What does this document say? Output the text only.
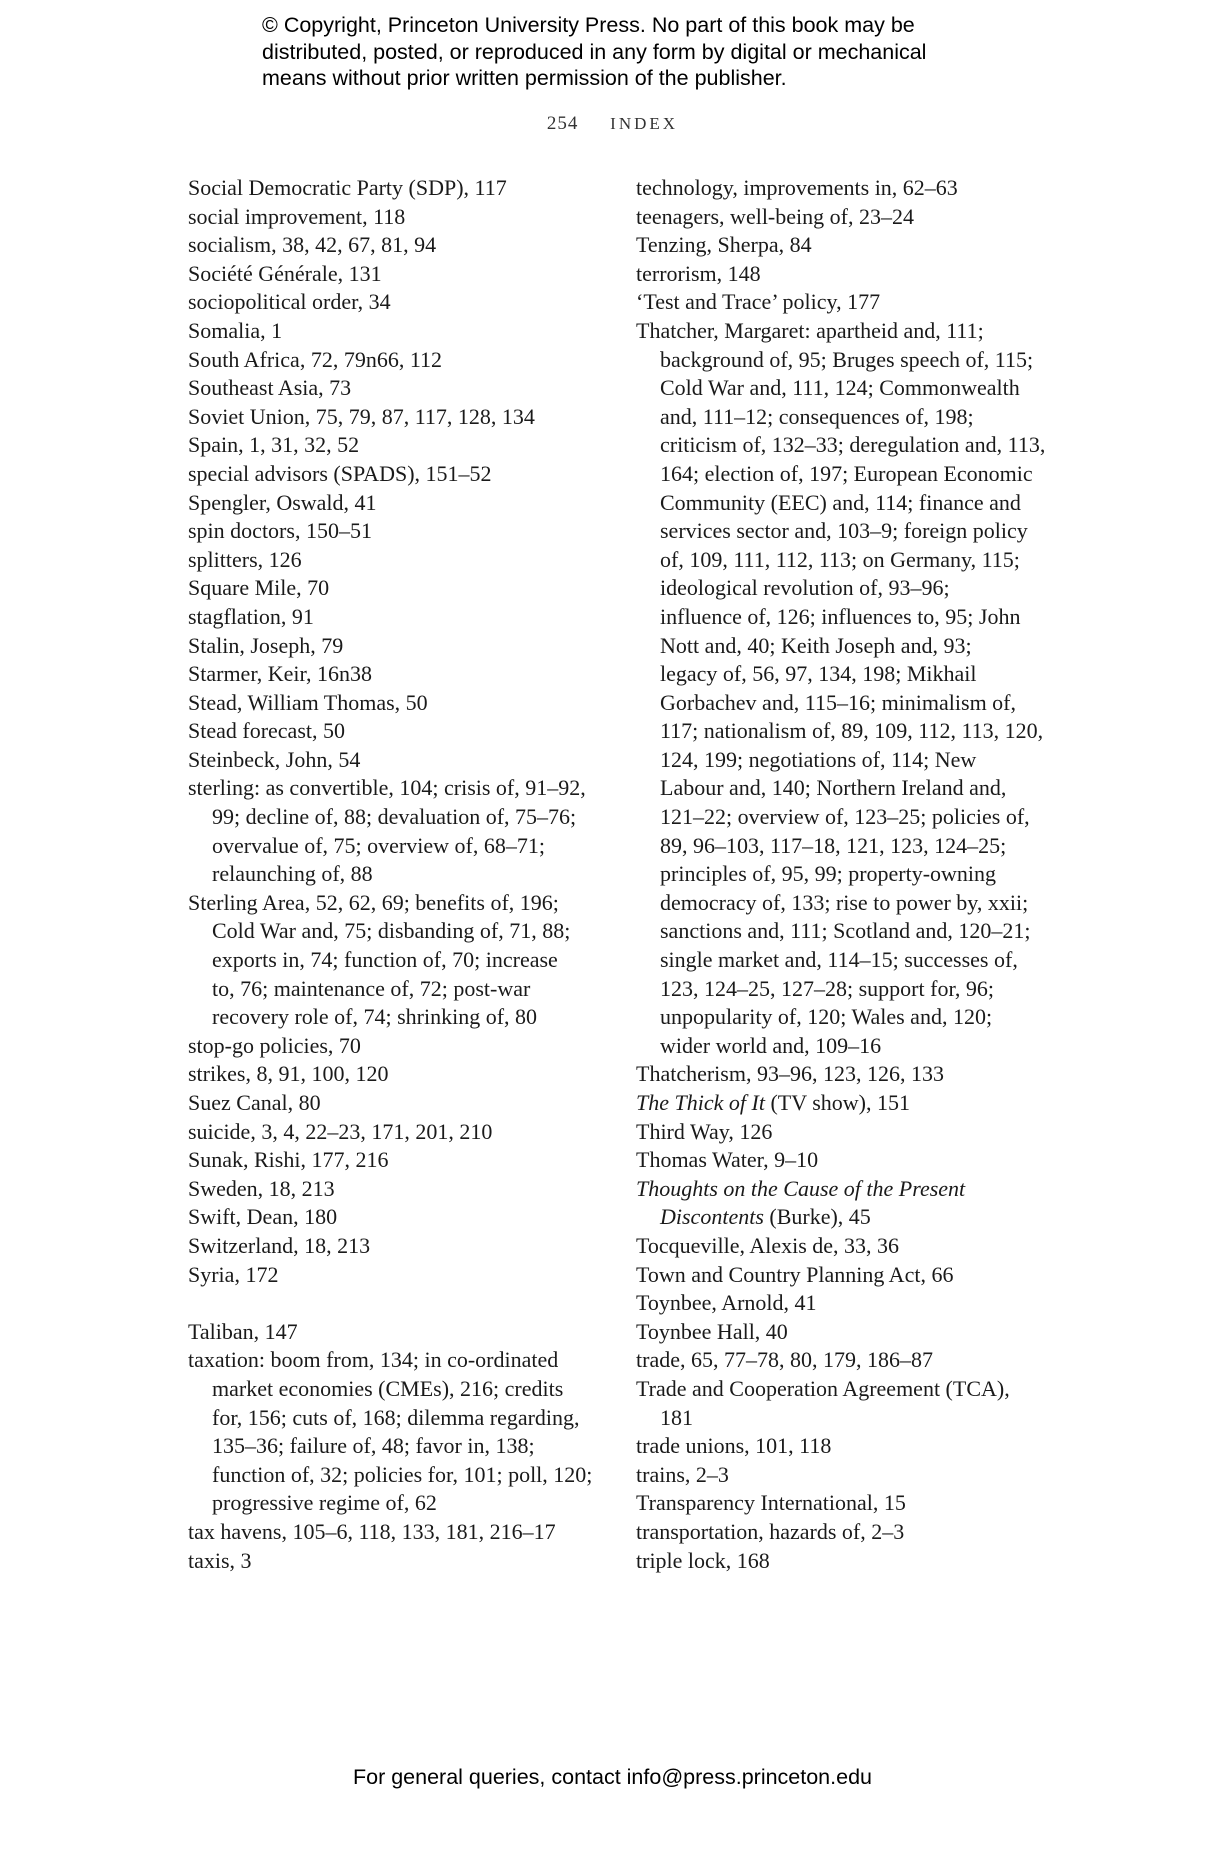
© Copyright, Princeton University Press. No part of this book may be
distributed, posted, or reproduced in any form by digital or mechanical
means without prior written permission of the publisher.
254 INDEX
Social Democratic Party (SDP), 117
social improvement, 118
socialism, 38, 42, 67, 81, 94
Société Générale, 131
sociopolitical order, 34
Somalia, 1
South Africa, 72, 79n66, 112
Southeast Asia, 73
Soviet Union, 75, 79, 87, 117, 128, 134
Spain, 1, 31, 32, 52
special advisors (SPADS), 151–52
Spengler, Oswald, 41
spin doctors, 150–51
splitters, 126
Square Mile, 70
stagflation, 91
Stalin, Joseph, 79
Starmer, Keir, 16n38
Stead, William Thomas, 50
Stead forecast, 50
Steinbeck, John, 54
sterling: as convertible, 104; crisis of, 91–92,
99; decline of, 88; devaluation of, 75–76;
overvalue of, 75; overview of, 68–71;
relaunching of, 88
Sterling Area, 52, 62, 69; benefits of, 196;
Cold War and, 75; disbanding of, 71, 88;
exports in, 74; function of, 70; increase
to, 76; maintenance of, 72; post-war
recovery role of, 74; shrinking of, 80
stop-go policies, 70
strikes, 8, 91, 100, 120
Suez Canal, 80
suicide, 3, 4, 22–23, 171, 201, 210
Sunak, Rishi, 177, 216
Sweden, 18, 213
Swift, Dean, 180
Switzerland, 18, 213
Syria, 172
Taliban, 147
taxation: boom from, 134; in co-ordinated
market economies (CMEs), 216; credits
for, 156; cuts of, 168; dilemma regarding,
135–36; failure of, 48; favor in, 138;
function of, 32; policies for, 101; poll, 120;
progressive regime of, 62
tax havens, 105–6, 118, 133, 181, 216–17
taxis, 3
technology, improvements in, 62–63
teenagers, well-being of, 23–24
Tenzing, Sherpa, 84
terrorism, 148
‘Test and Trace’ policy, 177
Thatcher, Margaret: apartheid and, 111;
background of, 95; Bruges speech of, 115;
Cold War and, 111, 124; Commonwealth
and, 111–12; consequences of, 198;
criticism of, 132–33; deregulation and, 113,
164; election of, 197; European Economic
Community (EEC) and, 114; finance and
services sector and, 103–9; foreign policy
of, 109, 111, 112, 113; on Germany, 115;
ideological revolution of, 93–96;
influence of, 126; influences to, 95; John
Nott and, 40; Keith Joseph and, 93;
legacy of, 56, 97, 134, 198; Mikhail
Gorbachev and, 115–16; minimalism of,
117; nationalism of, 89, 109, 112, 113, 120,
124, 199; negotiations of, 114; New
Labour and, 140; Northern Ireland and,
121–22; overview of, 123–25; policies of,
89, 96–103, 117–18, 121, 123, 124–25;
principles of, 95, 99; property-owning
democracy of, 133; rise to power by, xxii;
sanctions and, 111; Scotland and, 120–21;
single market and, 114–15; successes of,
123, 124–25, 127–28; support for, 96;
unpopularity of, 120; Wales and, 120;
wider world and, 109–16
Thatcherism, 93–96, 123, 126, 133
The Thick of It (TV show), 151
Third Way, 126
Thomas Water, 9–10
Thoughts on the Cause of the Present
Discontents (Burke), 45
Tocqueville, Alexis de, 33, 36
Town and Country Planning Act, 66
Toynbee, Arnold, 41
Toynbee Hall, 40
trade, 65, 77–78, 80, 179, 186–87
Trade and Cooperation Agreement (TCA),
181
trade unions, 101, 118
trains, 2–3
Transparency International, 15
transportation, hazards of, 2–3
triple lock, 168
For general queries, contact info@press.princeton.edu
